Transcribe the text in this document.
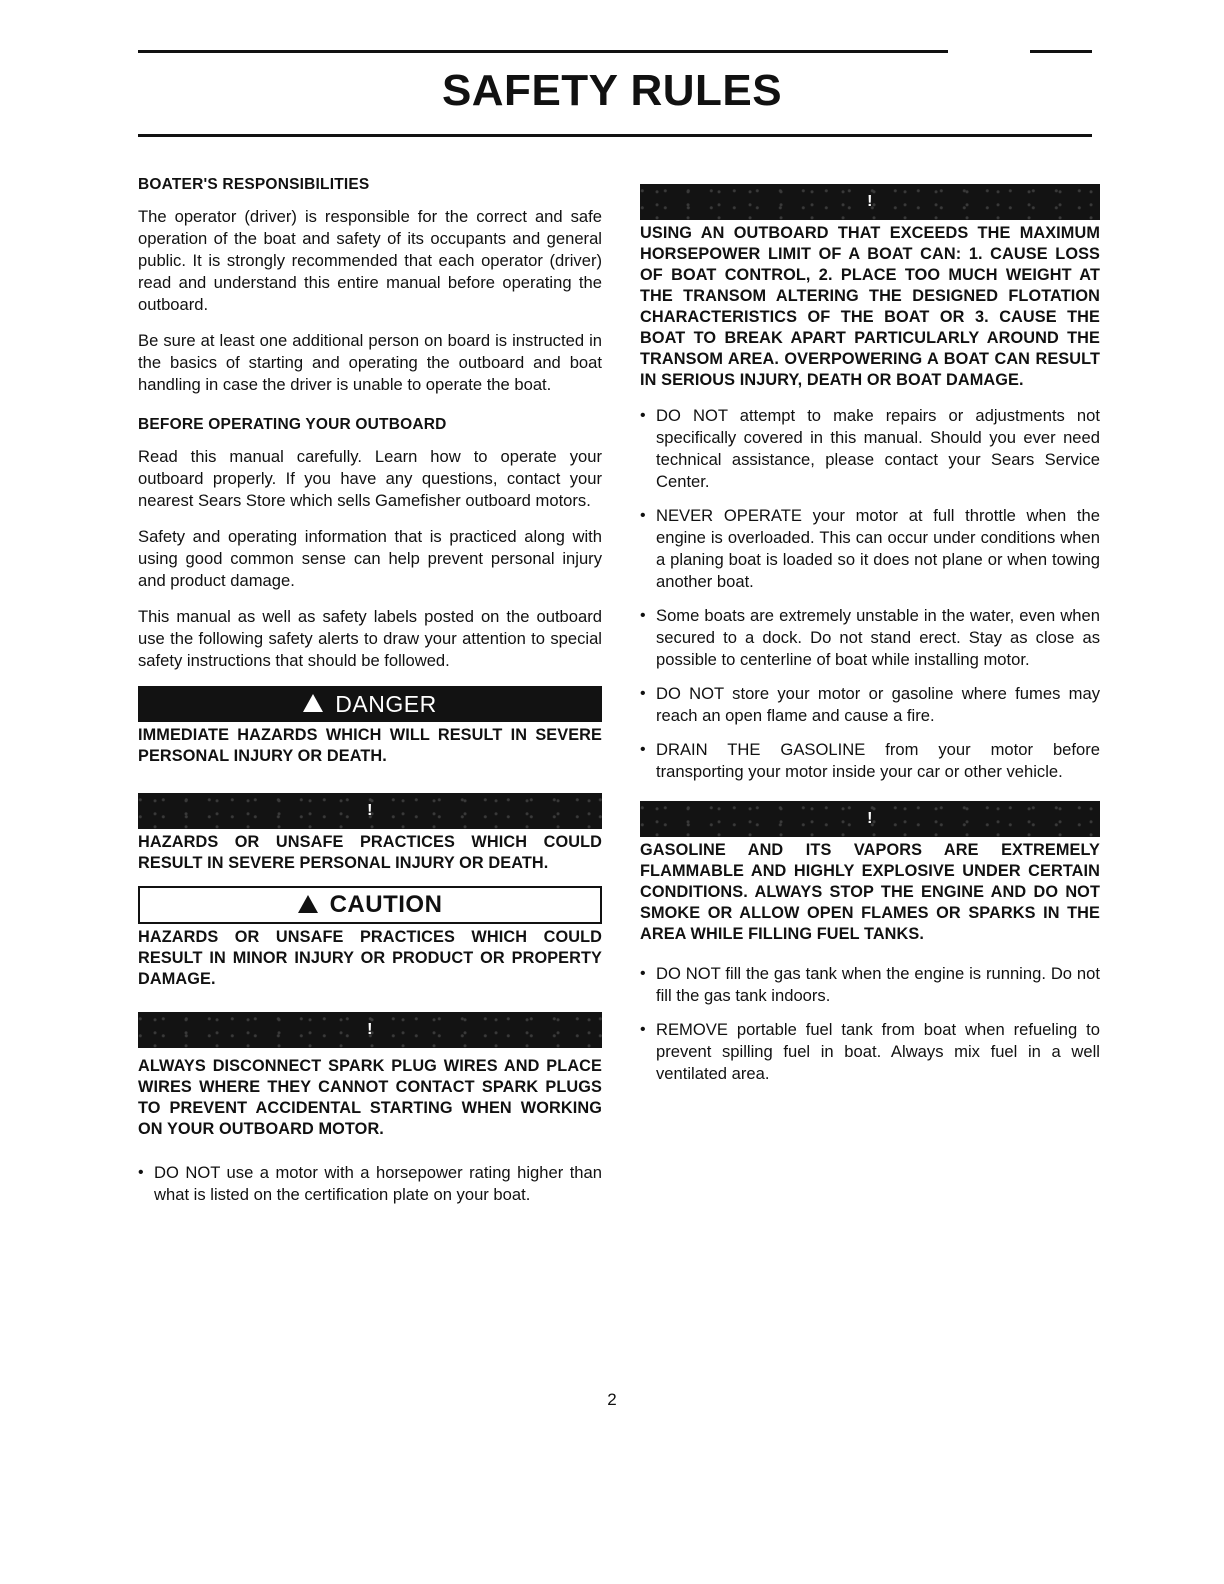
SAFETY RULES

BOATER'S RESPONSIBILITIES

The operator (driver) is responsible for the correct and safe operation of the boat and safety of its occupants and general public. It is strongly recommended that each operator (driver) read and understand this entire manual before operating the outboard.

Be sure at least one additional person on board is instructed in the basics of starting and operating the outboard and boat handling in case the driver is unable to operate the boat.

BEFORE OPERATING YOUR OUTBOARD

Read this manual carefully. Learn how to operate your outboard properly. If you have any questions, contact your nearest Sears Store which sells Gamefisher outboard motors.

Safety and operating information that is practiced along with using good common sense can help prevent personal injury and product damage.

This manual as well as safety labels posted on the outboard use the following safety alerts to draw your attention to special safety instructions that should be followed.

DANGER

IMMEDIATE HAZARDS WHICH WILL RESULT IN SEVERE PERSONAL INJURY OR DEATH.

!

HAZARDS OR UNSAFE PRACTICES WHICH COULD RESULT IN SEVERE PERSONAL INJURY OR DEATH.

CAUTION

HAZARDS OR UNSAFE PRACTICES WHICH COULD RESULT IN MINOR INJURY OR PRODUCT OR PROPERTY DAMAGE.

!

ALWAYS DISCONNECT SPARK PLUG WIRES AND PLACE WIRES WHERE THEY CANNOT CONTACT SPARK PLUGS TO PREVENT ACCIDENTAL STARTING WHEN WORKING ON YOUR OUTBOARD MOTOR.

• DO NOT use a motor with a horsepower rating higher than what is listed on the certification plate on your boat.
!

USING AN OUTBOARD THAT EXCEEDS THE MAXIMUM HORSEPOWER LIMIT OF A BOAT CAN: 1. CAUSE LOSS OF BOAT CONTROL, 2. PLACE TOO MUCH WEIGHT AT THE TRANSOM ALTERING THE DESIGNED FLOTATION CHARACTERISTICS OF THE BOAT OR 3. CAUSE THE BOAT TO BREAK APART PARTICULARLY AROUND THE TRANSOM AREA. OVERPOWERING A BOAT CAN RESULT IN SERIOUS INJURY, DEATH OR BOAT DAMAGE.

• DO NOT attempt to make repairs or adjustments not specifically covered in this manual. Should you ever need technical assistance, please contact your Sears Service Center.
• NEVER OPERATE your motor at full throttle when the engine is overloaded. This can occur under conditions when a planing boat is loaded so it does not plane or when towing another boat.
• Some boats are extremely unstable in the water, even when secured to a dock. Do not stand erect. Stay as close as possible to centerline of boat while installing motor.
• DO NOT store your motor or gasoline where fumes may reach an open flame and cause a fire.
• DRAIN THE GASOLINE from your motor before transporting your motor inside your car or other vehicle.
!

GASOLINE AND ITS VAPORS ARE EXTREMELY FLAMMABLE AND HIGHLY EXPLOSIVE UNDER CERTAIN CONDITIONS. ALWAYS STOP THE ENGINE AND DO NOT SMOKE OR ALLOW OPEN FLAMES OR SPARKS IN THE AREA WHILE FILLING FUEL TANKS.

• DO NOT fill the gas tank when the engine is running. Do not fill the gas tank indoors.
• REMOVE portable fuel tank from boat when refueling to prevent spilling fuel in boat. Always mix fuel in a well ventilated area.
2
